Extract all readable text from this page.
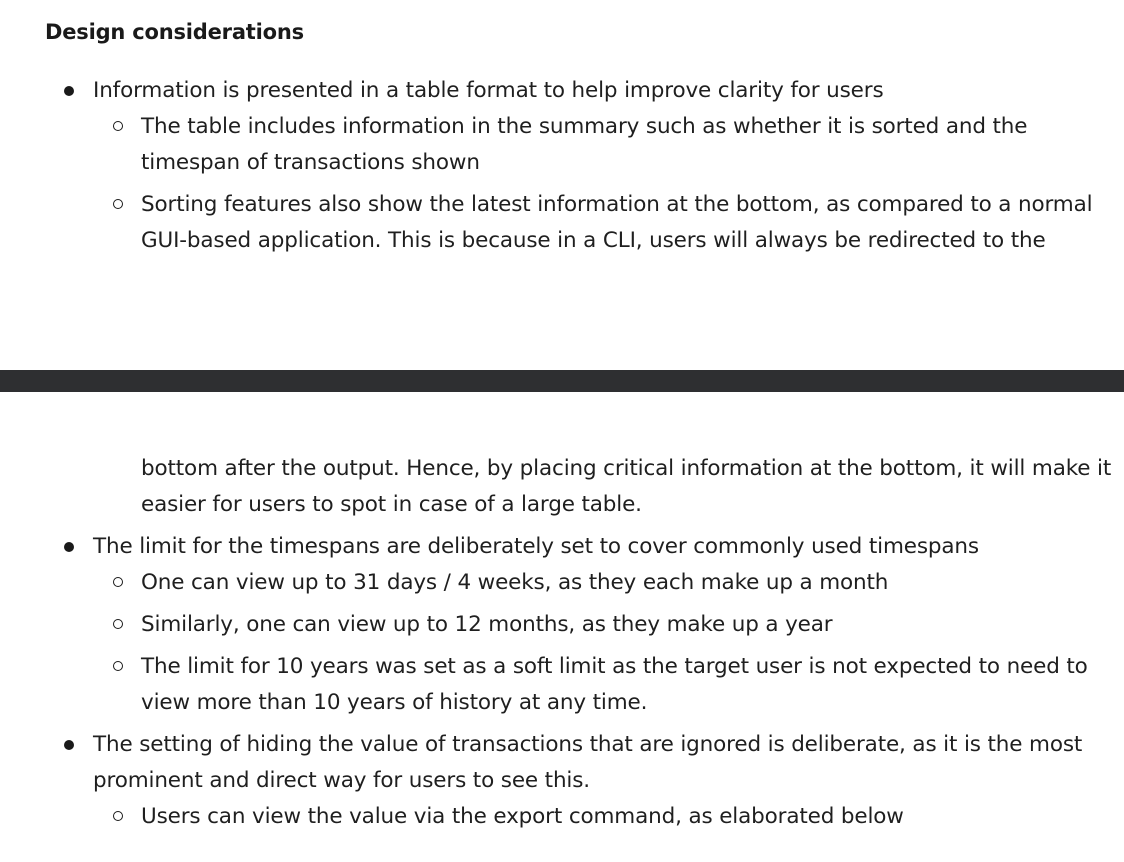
Design considerations
Information is presented in a table format to help improve clarity for users
The table includes information in the summary such as whether it is sorted and the
timespan of transactions shown
Sorting features also show the latest information at the bottom, as compared to a normal
GUI-based application. This is because in a CLI, users will always be redirected to the
bottom after the output. Hence, by placing critical information at the bottom, it will make it
easier for users to spot in case of a large table.
The limit for the timespans are deliberately set to cover commonly used timespans
One can view up to 31 days / 4 weeks, as they each make up a month
Similarly, one can view up to 12 months, as they make up a year
The limit for 10 years was set as a soft limit as the target user is not expected to need to
view more than 10 years of history at any time.
The setting of hiding the value of transactions that are ignored is deliberate, as it is the most
prominent and direct way for users to see this.
Users can view the value via the export command, as elaborated below
